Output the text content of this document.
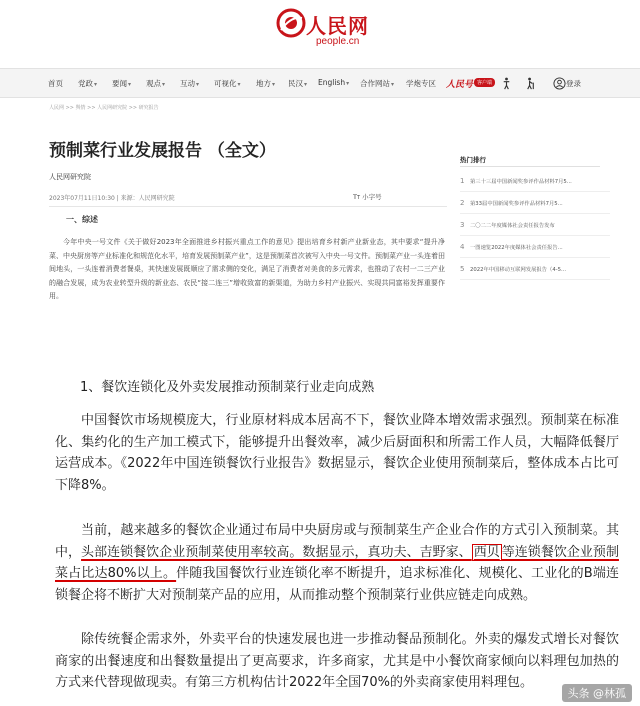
人民网
people.cn
首页 党政▾ 要闻▾ 观点▾ 互动▾ 可视化▾ 地方▾ 民汉▾ English▾ 合作网站▾ 学炮专区 人民号 客户端	登录
人民网 >> 舆情 >> 人民网研究院 >> 研究报告
预制菜行业发展报告 （全文）
人民网研究院
2023年07月11日10:30 | 来源：人民网研究院	TT 小字号
一、综述

今年中央一号文件《关于做好2023年全面推进乡村振兴重点工作的意见》提出培育乡村新产业新业态，其中要求“提升净菜、中央厨房等产业标准化和规范化水平，培育发展预制菜产业”，这是预制菜首次被写入中央一号文件。预制菜产业一头连着田间地头，一头连着消费者餐桌，其快速发展既顺应了需求侧的变化，满足了消费者对美食的多元需求，也推动了农村一二三产业的融合发展，成为农业转型升级的新业态、农民“接二连三”增收致富的新渠道，为助力乡村产业振兴、实现共同富裕发挥重要作用。

热门排行
1 第三十三届中国新闻奖参评作品材料7月5...
2 第33届中国新闻奖参评作品材料7月5...
3 二〇二二年度媒体社会责任报告发布
4 一图速览2022年度媒体社会责任报告...
5 2022年中国移动互联网发展报告（4-5...
1、餐饮连锁化及外卖发展推动预制菜行业走向成熟

中国餐饮市场规模庞大，行业原材料成本居高不下，餐饮业降本增效需求强烈。预制菜在标准化、集约化的生产加工模式下，能够提升出餐效率，减少后厨面积和所需工作人员，大幅降低餐厅运营成本。《2022年中国连锁餐饮行业报告》数据显示，餐饮企业使用预制菜后，整体成本占比可下降8%。

当前，越来越多的餐饮企业通过布局中央厨房或与预制菜生产企业合作的方式引入预制菜。其中，头部连锁餐饮企业预制菜使用率较高。数据显示，真功夫、吉野家、 西贝 等连锁餐饮企业预制菜占比达80%以上。伴随我国餐饮行业连锁化率不断提升，追求标准化、规模化、工业化的B端连锁餐企将不断扩大对预制菜产品的应用，从而推动整个预制菜行业供应链走向成熟。

除传统餐企需求外，外卖平台的快速发展也进一步推动餐品预制化。外卖的爆发式增长对餐饮商家的出餐速度和出餐数量提出了更高要求，许多商家，尤其是中小餐饮商家倾向以料理包加热的方式来代替现做现卖。有第三方机构估计2022年全国70%的外卖商家使用料理包。

头条 @林孤
